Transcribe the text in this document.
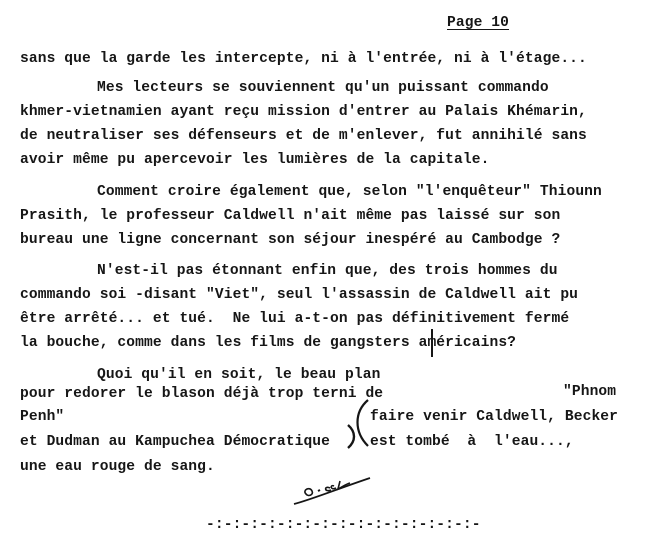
Page 10
sans que la garde les intercepte, ni à l'entrée, ni à l'étage...
Mes lecteurs se souviennent qu'un puissant commando
khmer-vietnamien ayant reçu mission d'entrer au Palais Khémarin,
de neutraliser ses défenseurs et de m'enlever, fut annihilé sans
avoir même pu apercevoir les lumières de la capitale.
Comment croire également que, selon "l'enquêteur" Thiounn
Prasith, le professeur Caldwell n'ait même pas laissé sur son
bureau une ligne concernant son séjour inespéré au Cambodge ?
N'est-il pas étonnant enfin que, des trois hommes du
commando soi -disant "Viet", seul l'assassin de Caldwell ait pu
être arrêté... et tué.  Ne lui a-t-on pas définitivement fermé
la bouche, comme dans les films de gangsters américains?
Quoi qu'il en soit, le beau plan
pour redorer le blason déjà trop terni de	"Phnom
Penh"	faire venir Caldwell, Becker
et Dudman au Kampuchea Démocratique	est tombé  à  l'eau...,
une eau rouge de sang.
-:-:-:-:-:-:-:-:-:-:-:-:-:-:-:-
